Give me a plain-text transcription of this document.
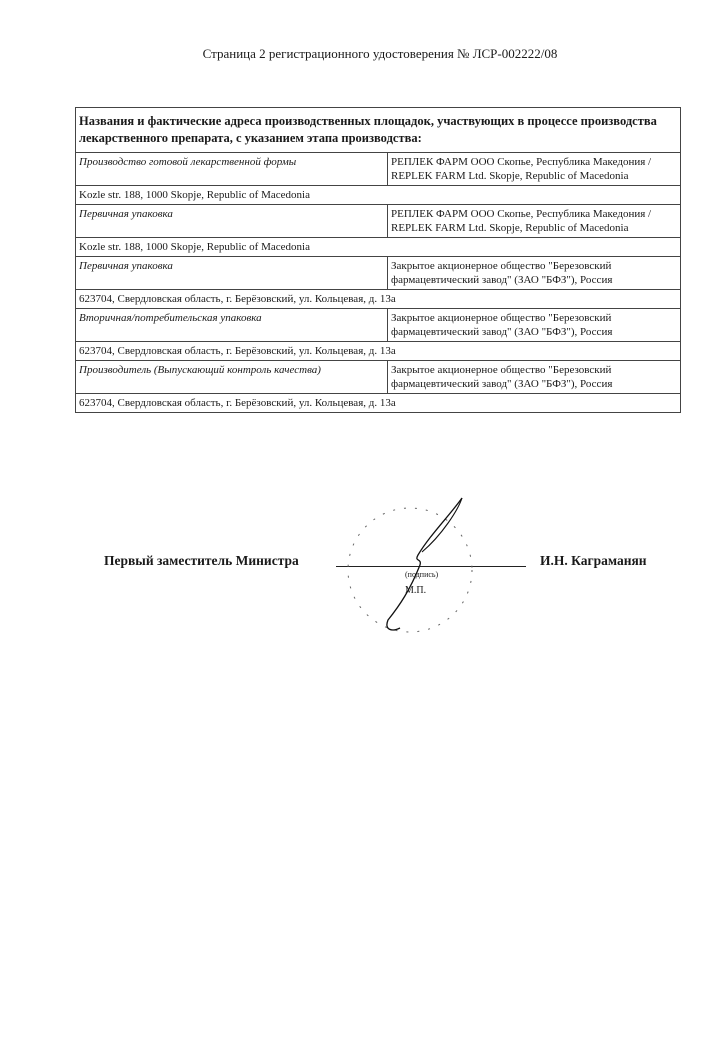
Страница 2 регистрационного удостоверения № ЛСР-002222/08
Названия и фактические адреса производственных площадок, участвующих в процессе производства лекарственного препарата, с указанием этапа производства:	
Производство готовой лекарственной формы	РЕПЛЕК ФАРМ ООО Скопье, Республика Македония / REPLEK FARM Ltd. Skopje, Republic of Macedonia
Kozle str. 188, 1000 Skopje, Republic of Macedonia	
Первичная упаковка	РЕПЛЕК ФАРМ ООО Скопье, Республика Македония / REPLEK FARM Ltd. Skopje, Republic of Macedonia
Kozle str. 188, 1000 Skopje, Republic of Macedonia	
Первичная упаковка	Закрытое акционерное общество "Березовский фармацевтический завод" (ЗАО "БФЗ"), Россия
623704, Свердловская область, г. Берёзовский, ул. Кольцевая, д. 13а	
Вторичная/потребительская упаковка	Закрытое акционерное общество "Березовский фармацевтический завод" (ЗАО "БФЗ"), Россия
623704, Свердловская область, г. Берёзовский, ул. Кольцевая, д. 13а	
Производитель (Выпускающий контроль качества)	Закрытое акционерное общество "Березовский фармацевтический завод" (ЗАО "БФЗ"), Россия
623704, Свердловская область, г. Берёзовский, ул. Кольцевая, д. 13а	
Первый заместитель Министра
(подпись)
М.П.
И.Н. Каграманян
